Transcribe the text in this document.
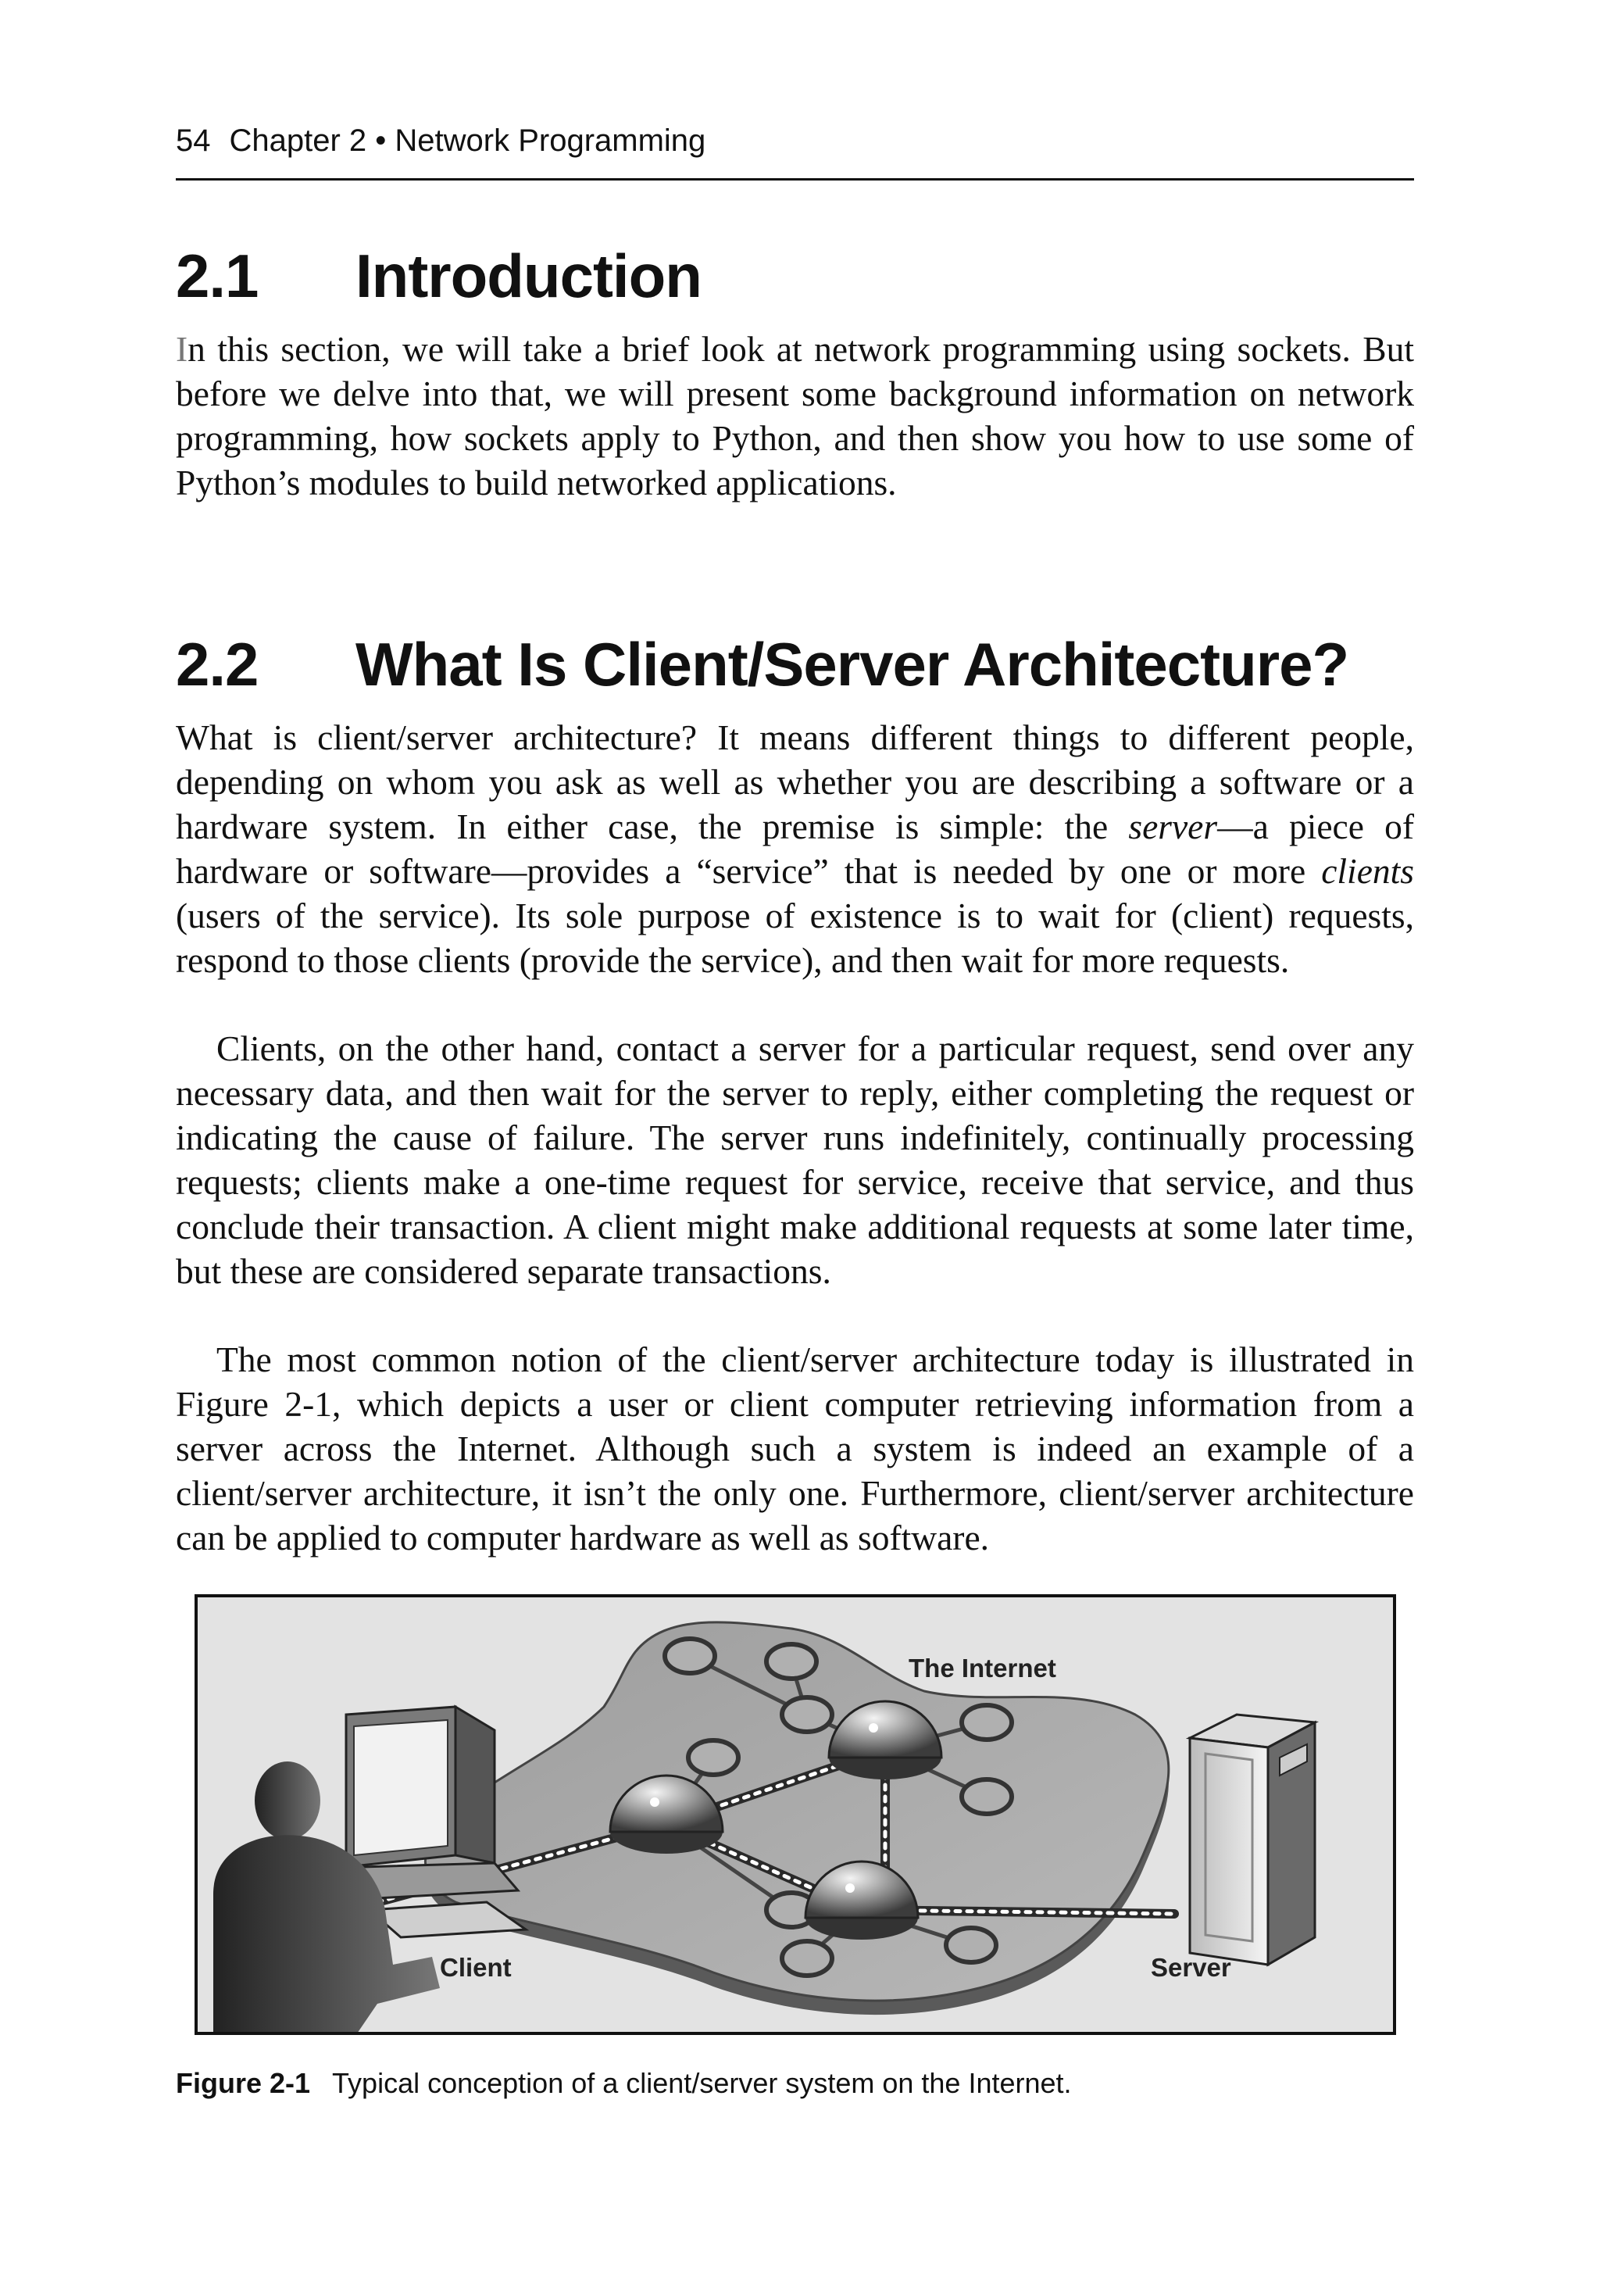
54 Chapter 2 • Network Programming
2.1 Introduction

In this section, we will take a brief look at network programming using sockets. But before we delve into that, we will present some background information on network programming, how sockets apply to Python, and then show you how to use some of Python’s modules to build networked applications.

2.2 What Is Client/Server Architecture?

What is client/server architecture? It means different things to different people, depending on whom you ask as well as whether you are describing a software or a hardware system. In either case, the premise is simple: the server—a piece of hardware or software—provides a “service” that is needed by one or more clients (users of the service). Its sole purpose of existence is to wait for (client) requests, respond to those clients (provide the service), and then wait for more requests.

Clients, on the other hand, contact a server for a particular request, send over any necessary data, and then wait for the server to reply, either completing the request or indicating the cause of failure. The server runs indefinitely, continually processing requests; clients make a one-time request for service, receive that service, and thus conclude their transaction. A client might make additional requests at some later time, but these are considered separate transactions.

The most common notion of the client/server architecture today is illustrated in Figure 2-1, which depicts a user or client computer retrieving information from a server across the Internet. Although such a system is indeed an example of a client/server architecture, it isn’t the only one. Furthermore, client/server architecture can be applied to computer hardware as well as software.

The Internet
Client	Server
Figure 2-1 Typical conception of a client/server system on the Internet.
